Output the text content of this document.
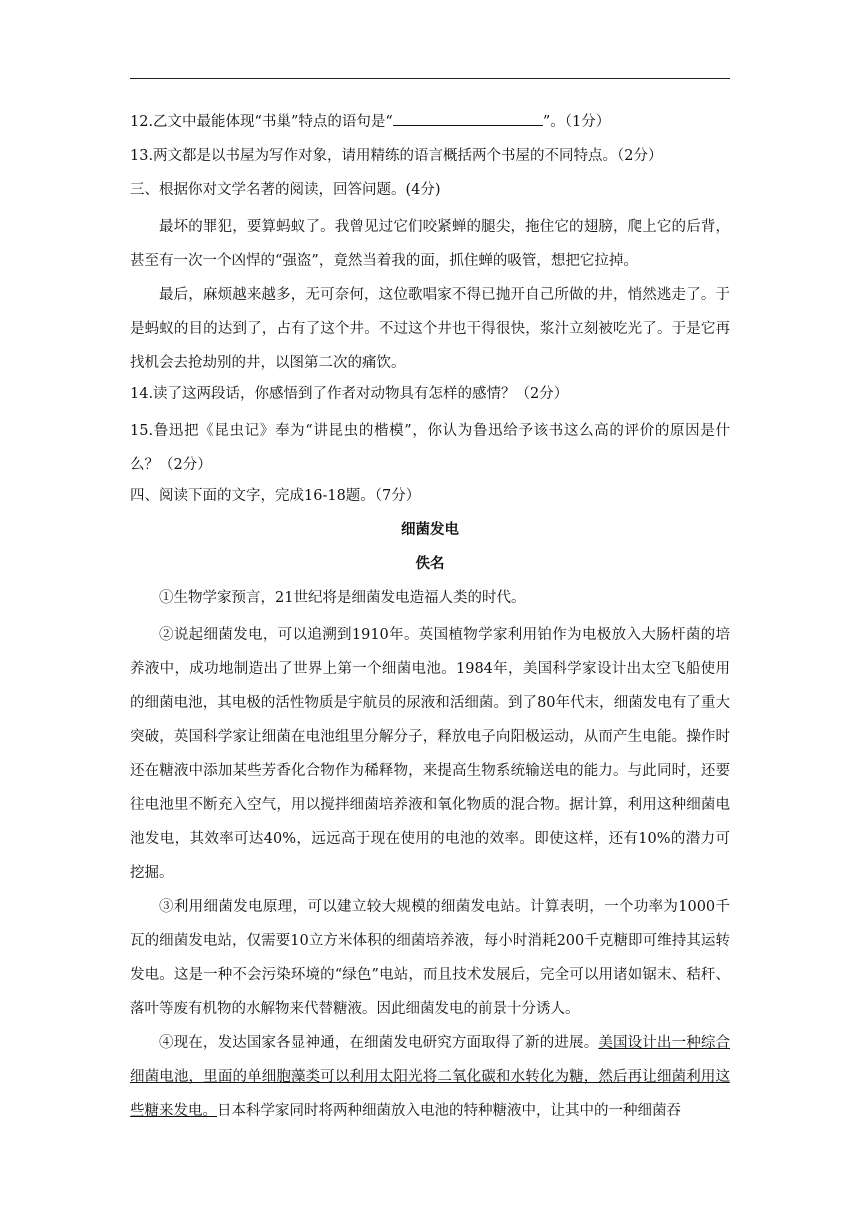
12.乙文中最能体现“书巢”特点的语句是“	”。（1分）
13.两文都是以书屋为写作对象，请用精练的语言概括两个书屋的不同特点。（2分）
三、根据你对文学名著的阅读，回答问题。(4分)
最坏的罪犯，要算蚂蚁了。我曾见过它们咬紧蝉的腿尖，拖住它的翅膀，爬上它的后背，甚至有一次一个凶悍的“强盗”，竟然当着我的面，抓住蝉的吸管，想把它拉掉。
最后，麻烦越来越多，无可奈何，这位歌唱家不得已抛开自己所做的井，悄然逃走了。于是蚂蚁的目的达到了，占有了这个井。不过这个井也干得很快，浆汁立刻被吃光了。于是它再找机会去抢劫别的井，以图第二次的痛饮。
14.读了这两段话，你感悟到了作者对动物具有怎样的感情？（2分）
15.鲁迅把《昆虫记》奉为“讲昆虫的楷模”，你认为鲁迅给予该书这么高的评价的原因是什么？（2分）
四、阅读下面的文字，完成16-18题。（7分）
细菌发电
佚名
①生物学家预言，21世纪将是细菌发电造福人类的时代。
②说起细菌发电，可以追溯到1910年。英国植物学家利用铂作为电极放入大肠杆菌的培养液中，成功地制造出了世界上第一个细菌电池。1984年，美国科学家设计出太空飞船使用的细菌电池，其电极的活性物质是宇航员的尿液和活细菌。到了80年代末，细菌发电有了重大突破，英国科学家让细菌在电池组里分解分子，释放电子向阳极运动，从而产生电能。操作时还在糖液中添加某些芳香化合物作为稀释物，来提高生物系统输送电的能力。与此同时，还要往电池里不断充入空气，用以搅拌细菌培养液和氧化物质的混合物。据计算，利用这种细菌电池发电，其效率可达40%，远远高于现在使用的电池的效率。即使这样，还有10%的潜力可挖掘。
③利用细菌发电原理，可以建立较大规模的细菌发电站。计算表明，一个功率为1000千瓦的细菌发电站，仅需要10立方米体积的细菌培养液，每小时消耗200千克糖即可维持其运转发电。这是一种不会污染环境的“绿色”电站，而且技术发展后，完全可以用诸如锯末、秸秆、落叶等废有机物的水解物来代替糖液。因此细菌发电的前景十分诱人。
④现在，发达国家各显神通，在细菌发电研究方面取得了新的进展。美国设计出一种综合细菌电池，里面的单细胞藻类可以利用太阳光将二氧化碳和水转化为糖，然后再让细菌利用这些糖来发电。日本科学家同时将两种细菌放入电池的特种糖液中，让其中的一种细菌吞
